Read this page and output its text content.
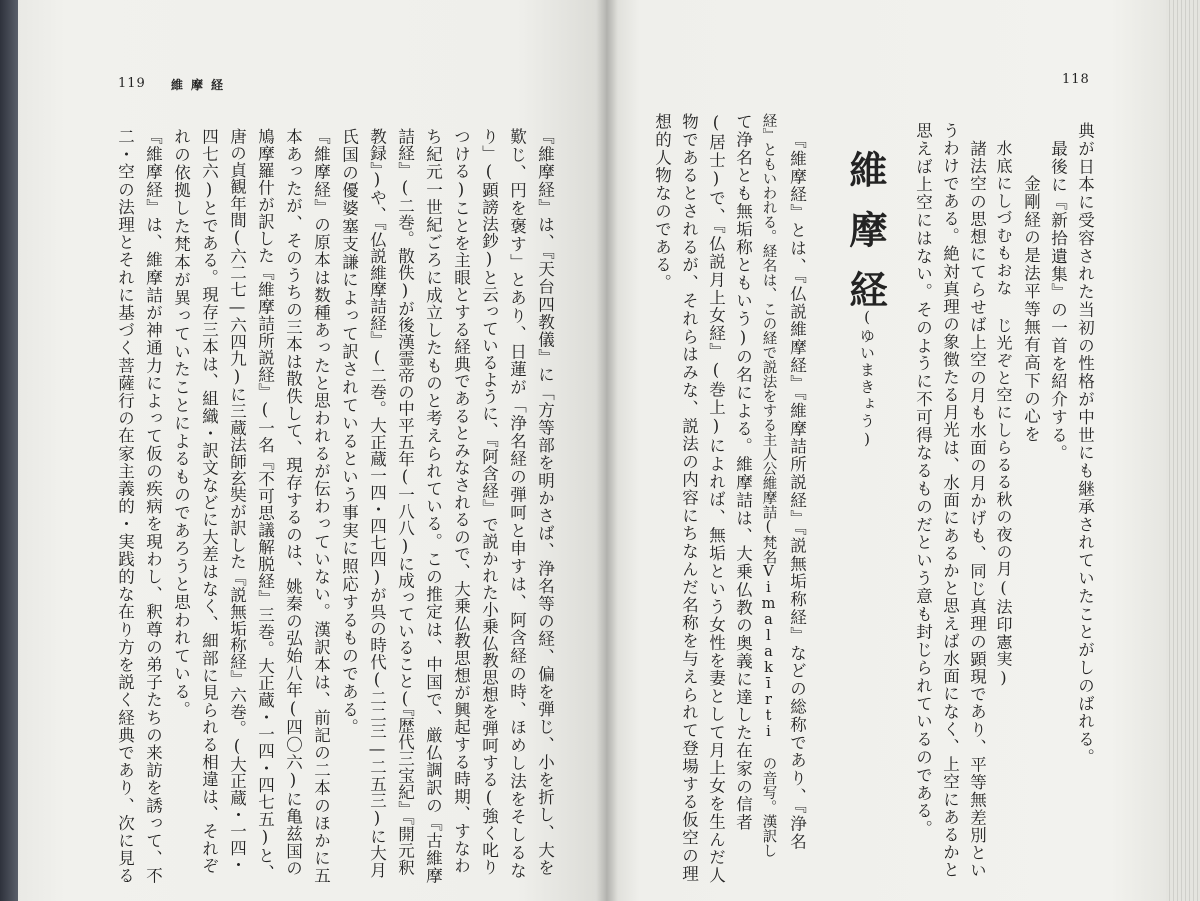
119 維摩経
『維摩経』は、『天台四教儀』に「方等部を明かさば、浄名等の経、偏を弾じ、小を折し、大を
歎じ、円を褒す」とあり、日蓮が「浄名経の弾呵と申すは、阿含経の時、ほめし法をそしるな
り」(顕謗法鈔)と云っているように、『阿含経』で説かれた小乗仏教思想を弾呵する(強く叱り
つける)ことを主眼とする経典であるとみなされるので、大乗仏教思想が興起する時期、すなわ
ち紀元一世紀ごろに成立したものと考えられている。この推定は、中国で、厳仏調訳の『古維摩
詰経』(二巻。散佚)が後漢霊帝の中平五年(一八八)に成っていること(『歴代三宝紀』『開元釈
教録』)や、『仏説維摩詰経』(二巻。大正蔵一四・四七四)が呉の時代(二二三—二五三)に大月
氏国の優婆塞支謙によって訳されているという事実に照応するものである。
『維摩経』の原本は数種あったと思われるが伝わっていない。漢訳本は、前記の二本のほかに五
本あったが、そのうちの三本は散佚して、現存するのは、姚秦の弘始八年(四〇六)に亀兹国の
鳩摩羅什が訳した『維摩詰所説経』(一名『不可思議解脱経』三巻。大正蔵・一四・四七五)と、
唐の貞観年間(六二七—六四九)に三蔵法師玄奘が訳した『説無垢称経』六巻。(大正蔵・一四・
四七六)とである。現存三本は、組織・訳文などに大差はなく、細部に見られる相違は、それぞ
れの依拠した梵本が異っていたことによるものであろうと思われている。
『維摩経』は、維摩詰が神通力によって仮の疾病を現わし、釈尊の弟子たちの来訪を誘って、不
二・空の法理とそれに基づく菩薩行の在家主義的・実践的な在り方を説く経典であり、次に見る
118
典が日本に受容された当初の性格が中世にも継承されていたことがしのばれる。
最後に『新拾遺集』の一首を紹介する。
金剛経の是法平等無有高下の心を
水底にしづむもおな じ光ぞと空にしらるる秋の夜の月(法印憲実)
諸法空の思想にてらせば上空の月も水面の月かげも、同じ真理の顕現であり、平等無差別とい
うわけである。絶対真理の象徴たる月光は、水面にあるかと思えば水面になく、上空にあるかと
思えば上空にはない。そのように不可得なるものだという意も封じられているのである。
維摩経
(ゆいまきょう)
『維摩経』とは、『仏説維摩経』『維摩詰所説経』『説無垢称経』などの総称であり、『浄名
経』ともいわれる。経名は、この経で説法をする主人公維摩詰(梵名Vimalakīrti の音写。漢訳し
て浄名とも無垢称ともいう)の名による。維摩詰は、大乗仏教の奥義に達した在家の信者
(居士)で、『仏説月上女経』(巻上)によれば、無垢という女性を妻として月上女を生んだ人
物であるとされるが、それらはみな、説法の内容にちなんだ名称を与えられて登場する仮空の理
想的人物なのである。
